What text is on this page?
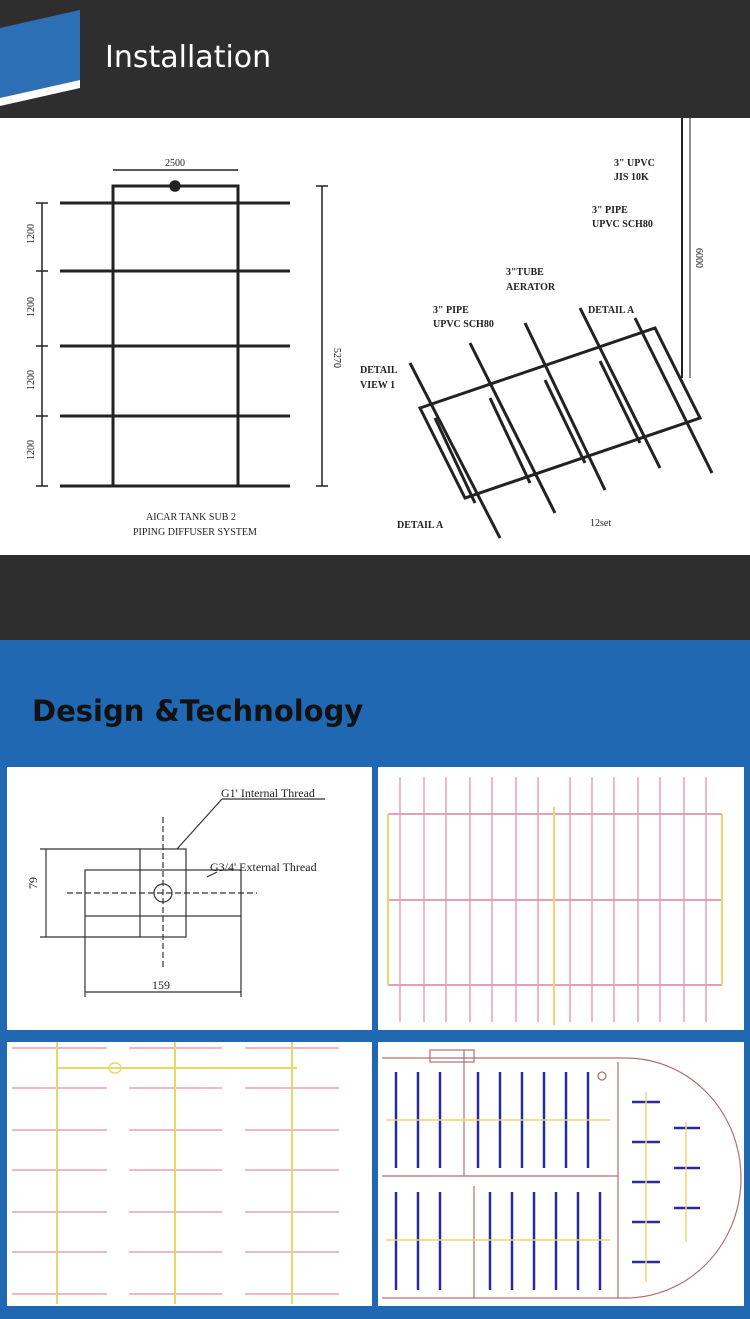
Installation
2500
1200
1200
1200
1200
5270
AICAR TANK SUB 2
PIPING DIFFUSER SYSTEM
3" UPVC
JIS 10K
3" PIPE
UPVC SCH80
6000
3"TUBE
AERATOR
DETAIL A
3" PIPE
UPVC SCH80
DETAIL
VIEW 1
DETAIL A	12set
Design &Technology
G1' Internal Thread
G3/4' External Thread
79
159
